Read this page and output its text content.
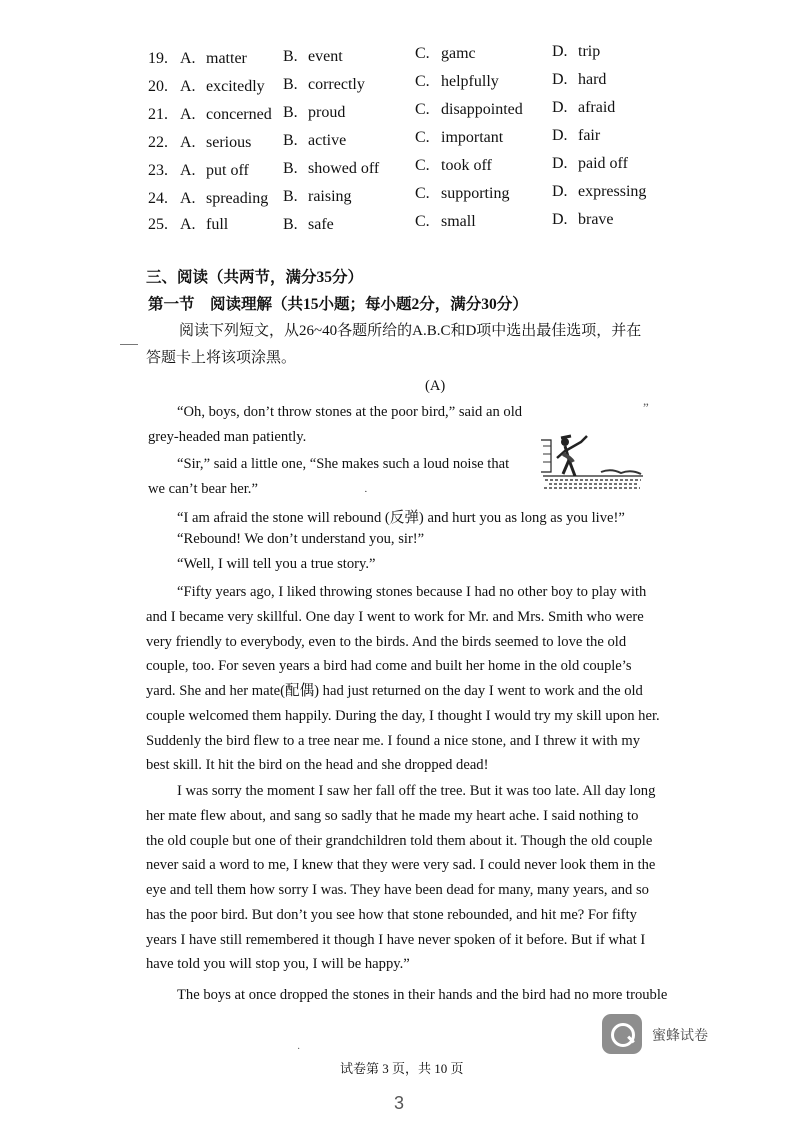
19. A. matter B. event	C. gamc	D. trip
20. A. excitedly B. correctly	C. helpfully	D. hard
21. A. concerned B. proud	C. disappointed D. afraid
22. A. serious B. active	C. important	D. fair
23. A. put off B. showed off C. took off	D. paid off
24. A. spreading B. raising	C. supporting	D. expressing
25. A. full	B. safe	C. small	D. brave
三、阅读（共两节，满分35分）
第一节　阅读理解（共15小题；每小题2分，满分30分）
阅读下列短文，从26~40各题所给的A.B.C和D项中选出最佳选项，并在
答题卡上将该项涂黑。
(A)
“Oh, boys, don’t throw stones at the poor bird,” said an old	”
grey-headed man patiently.
“Sir,” said a little one, “She makes such a loud noise that
we can’t bear her.”
“I am afraid the stone will rebound (反弹) and hurt you as long as you live!”
“Rebound! We don’t understand you, sir!”
“Well, I will tell you a true story.”
·
“Fifty years ago, I liked throwing stones because I had no other boy to play with
and I became very skillful. One day I went to work for Mr. and Mrs. Smith who were
very friendly to everybody, even to the birds. And the birds seemed to love the old
couple, too. For seven years a bird had come and built her home in the old couple’s
yard. She and her mate(配偶) had just returned on the day I went to work and the old
couple welcomed them happily. During the day, I thought I would try my skill upon her.
Suddenly the bird flew to a tree near me. I found a nice stone, and I threw it with my
best skill. It hit the bird on the head and she dropped dead!
I was sorry the moment I saw her fall off the tree. But it was too late. All day long
her mate flew about, and sang so sadly that he made my heart ache. I said nothing to
the old couple but one of their grandchildren told them about it. Though the old couple
never said a word to me, I knew that they were very sad. I could never look them in the
eye and tell them how sorry I was. They have been dead for many, many years, and so
has the poor bird. But don’t you see how that stone rebounded, and hit me? For fifty
years I have still remembered it though I have never spoken of it before. But if what I
have told you will stop you, I will be happy.”
The boys at once dropped the stones in their hands and the bird had no more trouble
蜜蜂试卷
·
试卷第 3 页，共 10 页
3
